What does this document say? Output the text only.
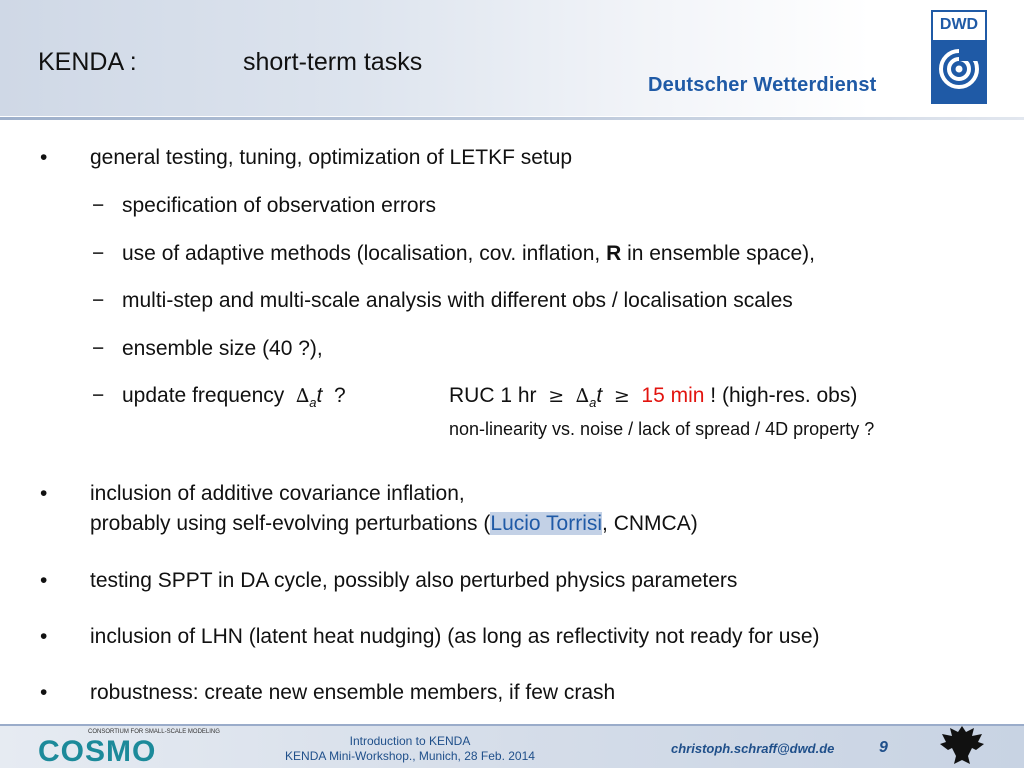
KENDA :	short-term tasks
Deutscher Wetterdienst
DWD
• general testing, tuning, optimization of LETKF setup
− specification of observation errors
− use of adaptive methods (localisation, cov. inflation, R in ensemble space),
− multi-step and multi-scale analysis with different obs / localisation scales
− ensemble size (40 ?),
− update frequency $\Delta_at$ ?	RUC 1 hr ≥ $\Delta_at \ge 15$ min ! (high-res. obs)
non-linearity vs. noise / lack of spread / 4D property ?
• inclusion of additive covariance inflation,
probably using self-evolving perturbations (Lucio Torrisi, CNMCA)
• testing SPPT in DA cycle, possibly also perturbed physics parameters
• inclusion of LHN (latent heat nudging) (as long as reflectivity not ready for use)
• robustness: create new ensemble members, if few crash
CONSORTIUM FOR SMALL-SCALE MODELING
COSMO	Introduction to KENDA
KENDA Mini-Workshop., Munich, 28 Feb. 2014	christoph.schraff@dwd.de	9
